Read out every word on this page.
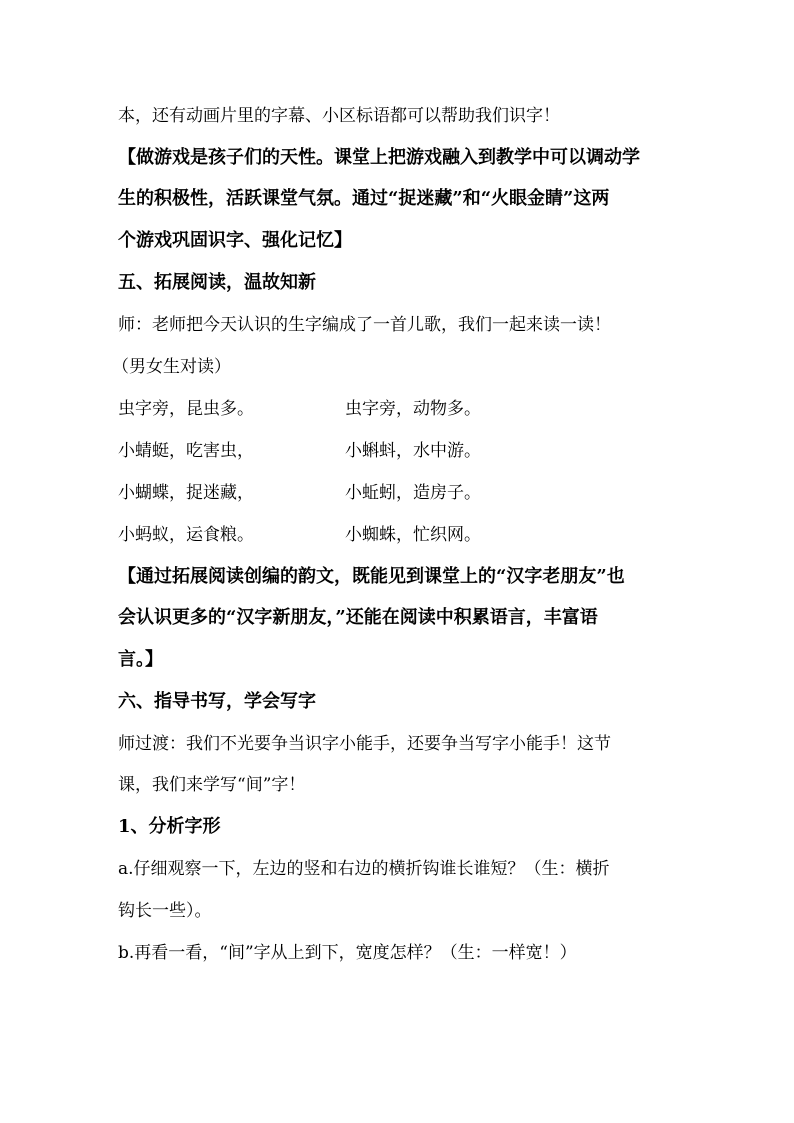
本，还有动画片里的字幕、小区标语都可以帮助我们识字！
【做游戏是孩子们的天性。课堂上把游戏融入到教学中可以调动学
生的积极性，活跃课堂气氛。通过“捉迷藏”和“火眼金睛”这两
个游戏巩固识字、强化记忆】
五、拓展阅读，温故知新
师：老师把今天认识的生字编成了一首儿歌，我们一起来读一读！
（男女生对读）
虫字旁，昆虫多。	虫字旁，动物多。
小蜻蜓，吃害虫，	小蝌蚪，水中游。
小蝴蝶，捉迷藏，	小蚯蚓，造房子。
小蚂蚁，运食粮。	小蜘蛛，忙织网。
【通过拓展阅读创编的韵文，既能见到课堂上的“汉字老朋友”也
会认识更多的“汉字新朋友，”还能在阅读中积累语言，丰富语
言。】
六、指导书写，学会写字
师过渡：我们不光要争当识字小能手，还要争当写字小能手！这节
课，我们来学写“间”字！
1、分析字形
a.仔细观察一下，左边的竖和右边的横折钩谁长谁短？（生：横折
钩长一些）。
b.再看一看，“间”字从上到下，宽度怎样？（生：一样宽！）
